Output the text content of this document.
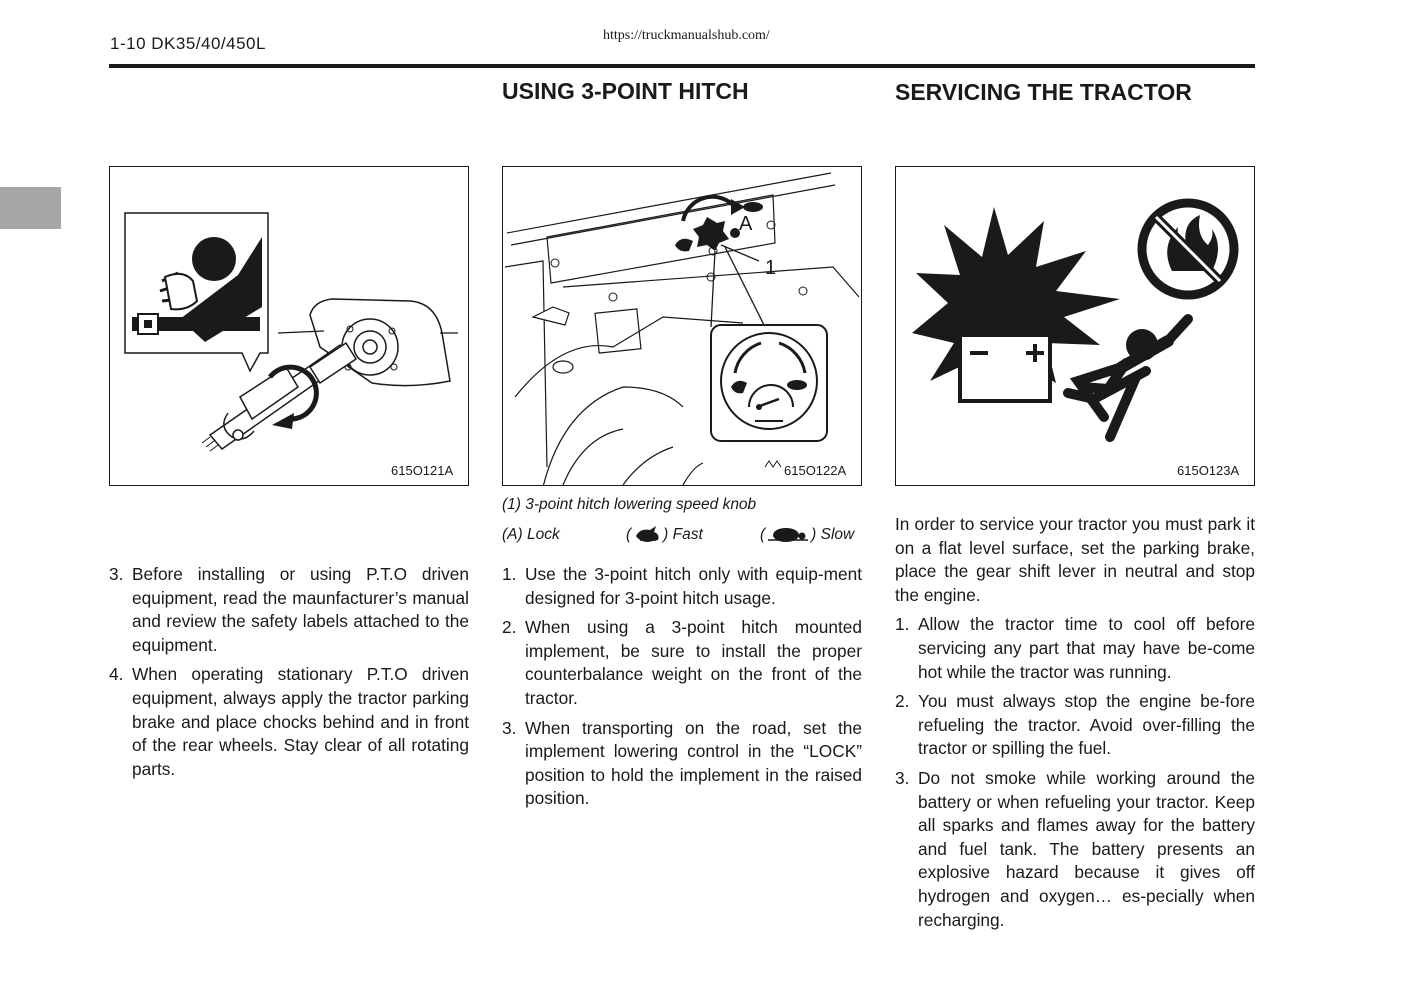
1-10 DK35/40/450L	https://truckmanualshub.com/
USING 3-POINT HITCH	SERVICING THE TRACTOR
615O121A
A
1
615O122A	615O123A
(1) 3-point hitch lowering speed knob
(A) Lock	( ) Fast	(	) Slow
3. Before installing or using P.T.O driven equipment, read the maunfacturer’s manual and review the safety labels attached to the equipment.
4. When operating stationary P.T.O driven equipment, always apply the tractor parking brake and place chocks behind and in front of the rear wheels. Stay clear of all rotating parts.
1. Use the 3-point hitch only with equip-ment designed for 3-point hitch usage.
2. When using a 3-point hitch mounted implement, be sure to install the proper counterbalance weight on the front of the tractor.
3. When transporting on the road, set the implement lowering control in the “LOCK” position to hold the implement in the raised position.

In order to service your tractor you must park it on a flat level surface, set the parking brake, place the gear shift lever in neutral and stop the engine.

1. Allow the tractor time to cool off before servicing any part that may have be-come hot while the tractor was running.
2. You must always stop the engine be-fore refueling the tractor. Avoid over-filling the tractor or spilling the fuel.
3. Do not smoke while working around the battery or when refueling your tractor. Keep all sparks and flames away for the battery and fuel tank. The battery presents an explosive hazard because it gives off hydrogen and oxygen… es-pecially when recharging.
